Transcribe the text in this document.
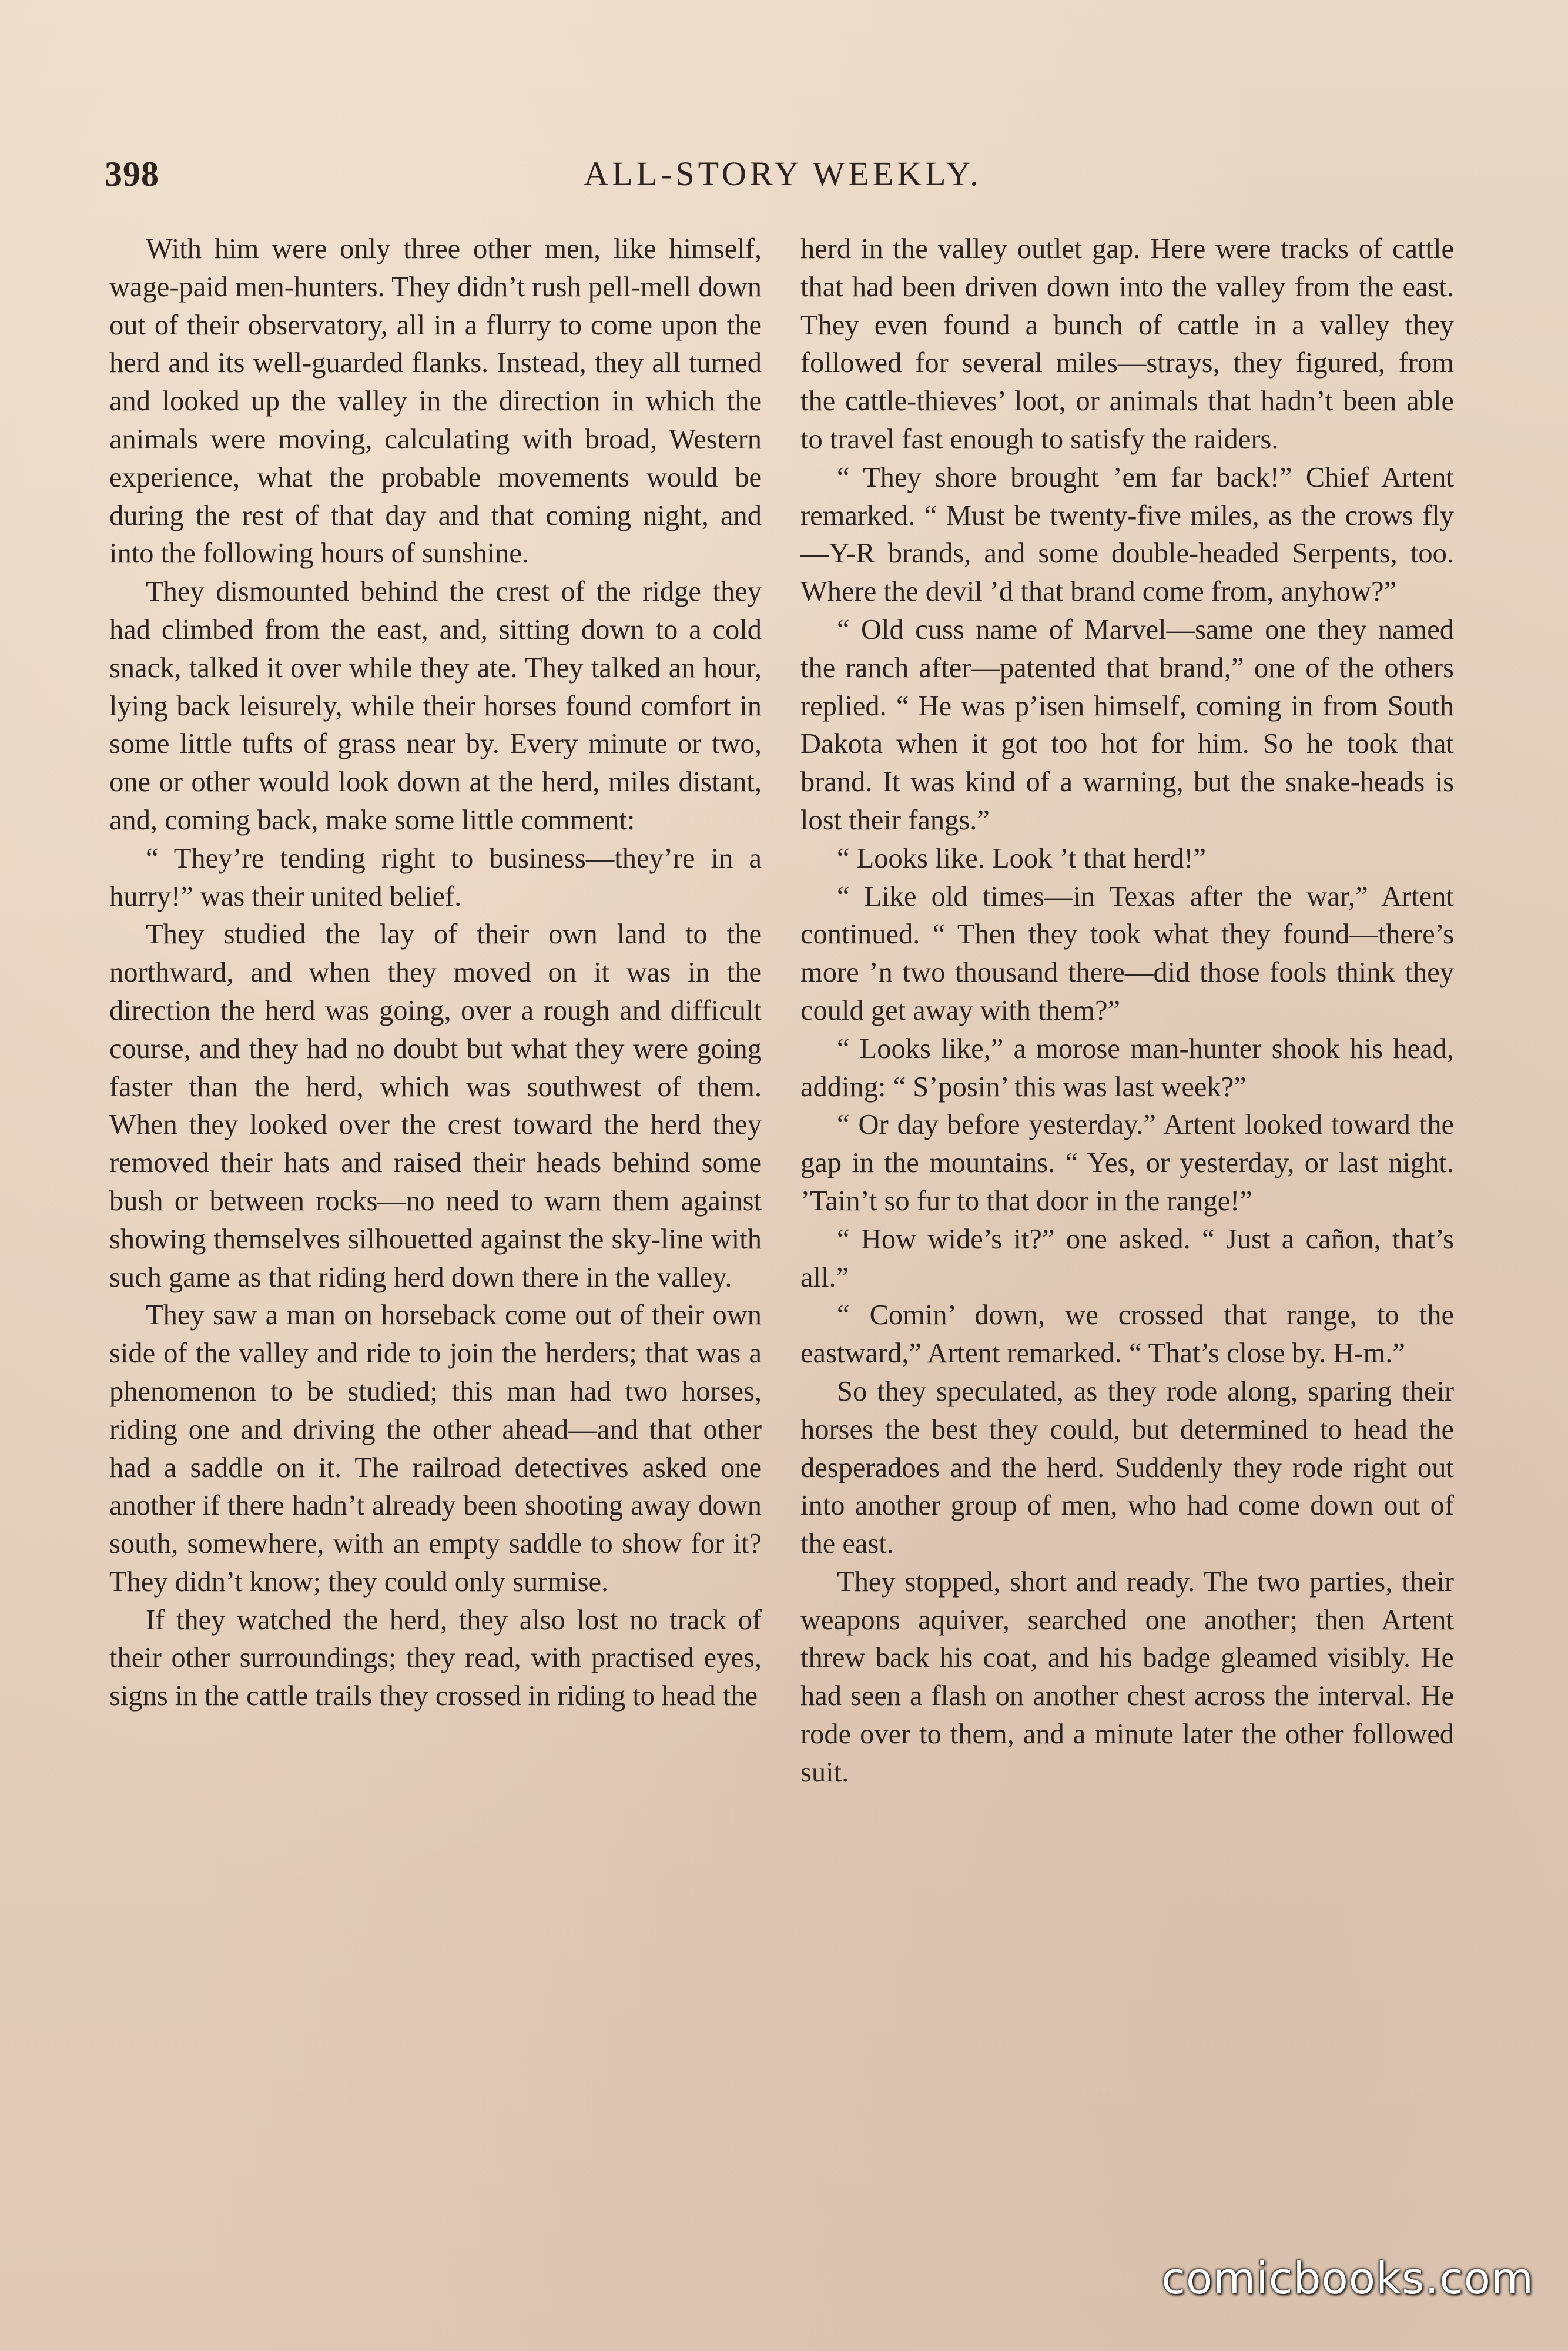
398	ALL-STORY WEEKLY.

With him were only three other men, like himself, wage-paid men-hunters. They didn’t rush pell-mell down out of their observatory, all in a flurry to come upon the herd and its well-guarded flanks. Instead, they all turned and looked up the valley in the direction in which the animals were moving, calculating with broad, Western experience, what the probable movements would be during the rest of that day and that coming night, and into the following hours of sunshine.

They dismounted behind the crest of the ridge they had climbed from the east, and, sitting down to a cold snack, talked it over while they ate. They talked an hour, lying back leisurely, while their horses found comfort in some little tufts of grass near by. Every minute or two, one or other would look down at the herd, miles distant, and, coming back, make some little comment:

“ They’re tending right to business—they’re in a hurry!” was their united belief.

They studied the lay of their own land to the northward, and when they moved on it was in the direction the herd was going, over a rough and difficult course, and they had no doubt but what they were going faster than the herd, which was southwest of them. When they looked over the crest toward the herd they removed their hats and raised their heads behind some bush or between rocks—no need to warn them against showing themselves silhouetted against the sky-line with such game as that riding herd down there in the valley.

They saw a man on horseback come out of their own side of the valley and ride to join the herders; that was a phenomenon to be studied; this man had two horses, riding one and driving the other ahead—and that other had a saddle on it. The railroad detectives asked one another if there hadn’t already been shooting away down south, somewhere, with an empty saddle to show for it? They didn’t know; they could only surmise.

If they watched the herd, they also lost no track of their other surroundings; they read, with practised eyes, signs in the cattle trails they crossed in riding to head the

herd in the valley outlet gap. Here were tracks of cattle that had been driven down into the valley from the east. They even found a bunch of cattle in a valley they followed for several miles—strays, they figured, from the cattle-thieves’ loot, or animals that hadn’t been able to travel fast enough to satisfy the raiders.

“ They shore brought ’em far back!” Chief Artent remarked. “ Must be twenty-five miles, as the crows fly—Y-R brands, and some double-headed Serpents, too. Where the devil ’d that brand come from, anyhow?”

“ Old cuss name of Marvel—same one they named the ranch after—patented that brand,” one of the others replied. “ He was p’isen himself, coming in from South Dakota when it got too hot for him. So he took that brand. It was kind of a warning, but the snake-heads is lost their fangs.”

“ Looks like. Look ’t that herd!”

“ Like old times—in Texas after the war,” Artent continued. “ Then they took what they found—there’s more ’n two thousand there—did those fools think they could get away with them?”

“ Looks like,” a morose man-hunter shook his head, adding: “ S’posin’ this was last week?”

“ Or day before yesterday.” Artent looked toward the gap in the mountains. “ Yes, or yesterday, or last night. ’Tain’t so fur to that door in the range!”

“ How wide’s it?” one asked. “ Just a cañon, that’s all.”

“ Comin’ down, we crossed that range, to the eastward,” Artent remarked. “ That’s close by. H-m.”

So they speculated, as they rode along, sparing their horses the best they could, but determined to head the desperadoes and the herd. Suddenly they rode right out into another group of men, who had come down out of the east.

They stopped, short and ready. The two parties, their weapons aquiver, searched one another; then Artent threw back his coat, and his badge gleamed visibly. He had seen a flash on another chest across the interval. He rode over to them, and a minute later the other followed suit.

comicbooks.com
